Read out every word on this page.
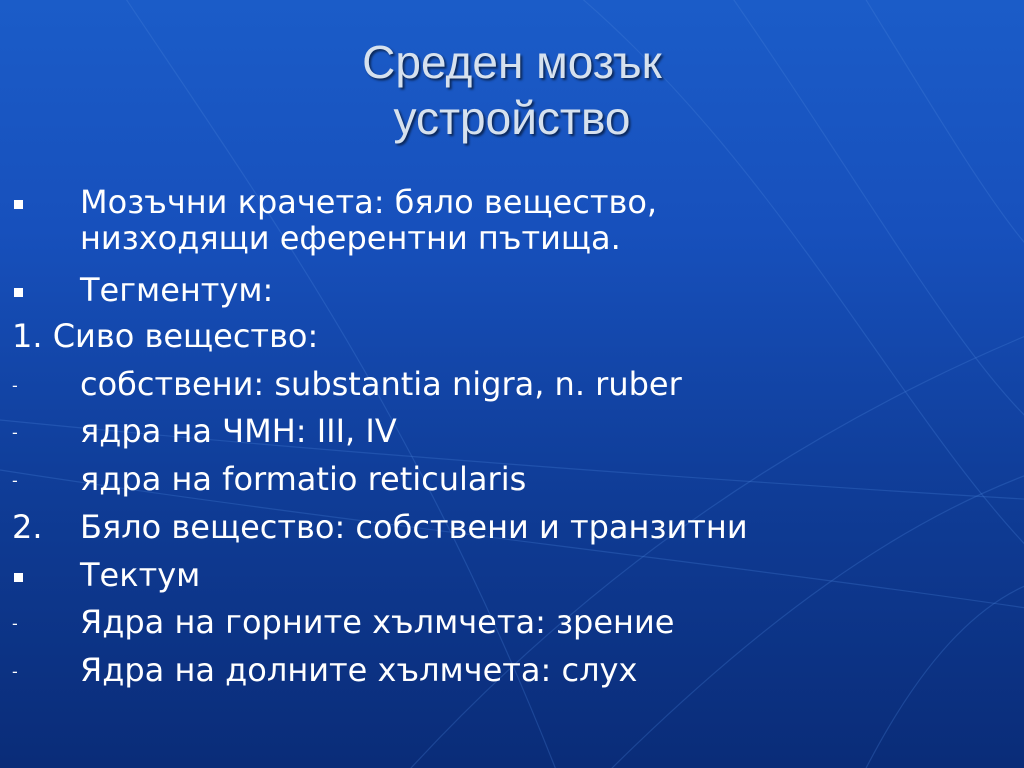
Среден мозък
устройство
Мозъчни крачета: бяло вещество,
низходящи еферентни пътища.
Тегментум:
1. Сиво вещество:
- собствени: substantia nigra, n. ruber
- ядра на ЧМН: III, IV
- ядра на formatio reticularis
2. Бяло вещество: собствени и транзитни
Тектум
- Ядра на горните хълмчета: зрение
- Ядра на долните хълмчета: слух
